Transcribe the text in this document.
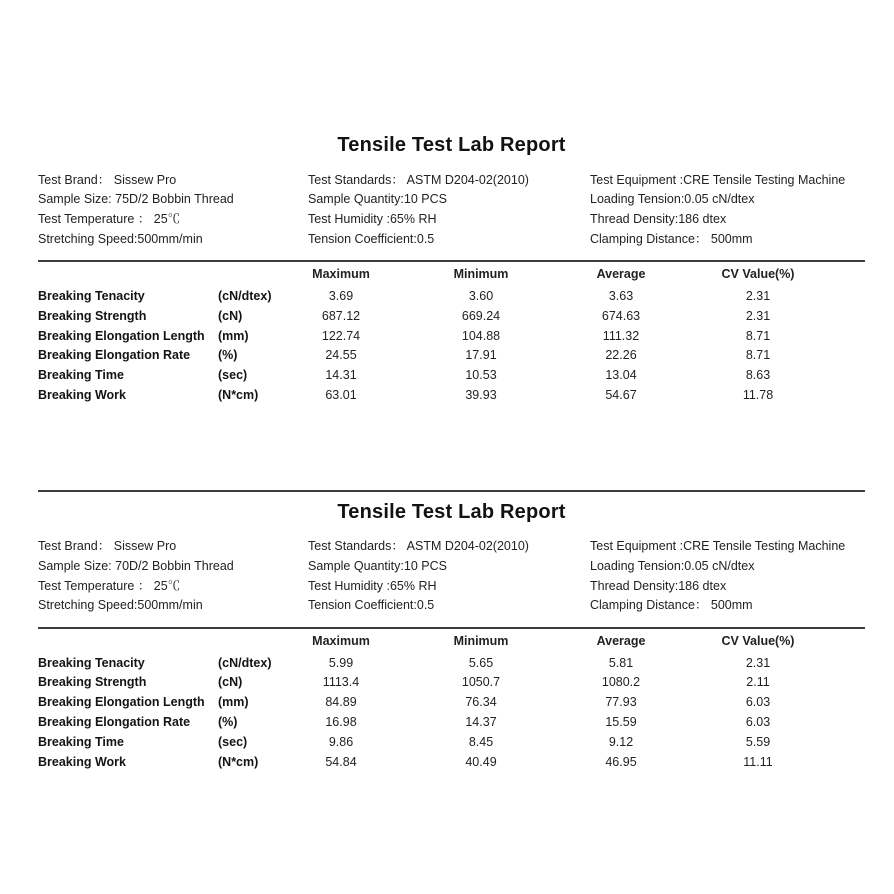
Tensile Test Lab Report
Test Brand： Sissew Pro
Sample Size: 75D/2 Bobbin Thread
Test Temperature ： 25℃
Stretching Speed:500mm/min
Test Standards： ASTM D204-02(2010)
Sample Quantity:10 PCS
Test Humidity :65% RH
Tension Coefficient:0.5
Test Equipment :CRE Tensile Testing Machine
Loading Tension:0.05 cN/dtex
Thread Density:186 dtex
Clamping Distance： 500mm
		Maximum	Minimum	Average	CV Value(%)
Breaking Tenacity	(cN/dtex)	3.69	3.60	3.63	2.31
Breaking Strength	(cN)	687.12	669.24	674.63	2.31
Breaking Elongation Length	(mm)	122.74	104.88	111.32	8.71
Breaking Elongation Rate	(%)	24.55	17.91	22.26	8.71
Breaking Time	(sec)	14.31	10.53	13.04	8.63
Breaking Work	(N*cm)	63.01	39.93	54.67	11.78
Tensile Test Lab Report
Test Brand： Sissew Pro
Sample Size: 70D/2 Bobbin Thread
Test Temperature ： 25℃
Stretching Speed:500mm/min
Test Standards： ASTM D204-02(2010)
Sample Quantity:10 PCS
Test Humidity :65% RH
Tension Coefficient:0.5
Test Equipment :CRE Tensile Testing Machine
Loading Tension:0.05 cN/dtex
Thread Density:186 dtex
Clamping Distance： 500mm
		Maximum	Minimum	Average	CV Value(%)
Breaking Tenacity	(cN/dtex)	5.99	5.65	5.81	2.31
Breaking Strength	(cN)	1113.4	1050.7	1080.2	2.11
Breaking Elongation Length	(mm)	84.89	76.34	77.93	6.03
Breaking Elongation Rate	(%)	16.98	14.37	15.59	6.03
Breaking Time	(sec)	9.86	8.45	9.12	5.59
Breaking Work	(N*cm)	54.84	40.49	46.95	11.11
